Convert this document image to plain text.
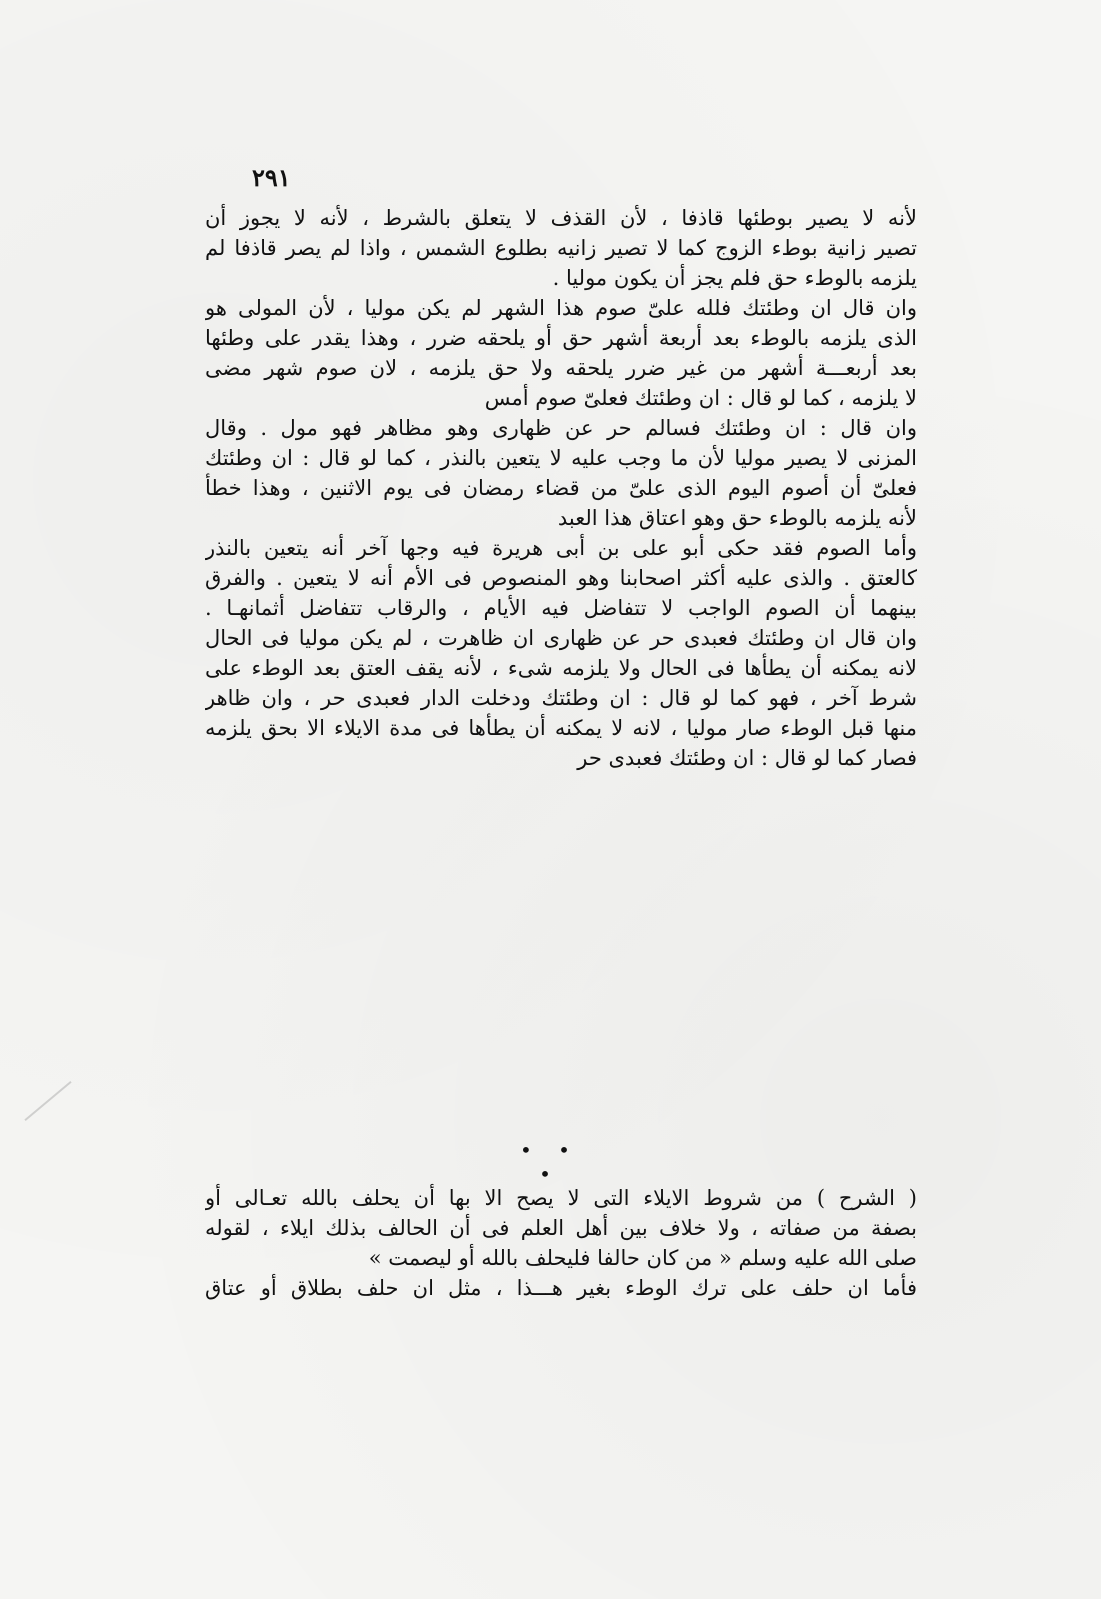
٢٩١
لأنه لا يصير بوطئها قاذفا ، لأن القذف لا يتعلق بالشرط ، لأنه لا يجوز أن
تصير زانية بوطء الزوج كما لا تصير زانيه بطلوع الشمس ، واذا لم يصر قاذفا لم
يلزمه بالوطء حق فلم يجز أن يكون موليا .
وان قال ان وطئتك فلله علىّ صوم هذا الشهر لم يكن موليا ، لأن المولى هو
الذى يلزمه بالوطء بعد أربعة أشهر حق أو يلحقه ضرر ، وهذا يقدر على وطئها
بعد أربعـــة أشهر من غير ضرر يلحقه ولا حق يلزمه ، لان صوم شهر مضى
لا يلزمه ، كما لو قال : ان وطئتك فعلىّ صوم أمس
وان قال : ان وطئتك فسالم حر عن ظهارى وهو مظاهر فهو مول . وقال
المزنى لا يصير موليا لأن ما وجب عليه لا يتعين بالنذر ، كما لو قال : ان وطئتك
فعلىّ أن أصوم اليوم الذى علىّ من قضاء رمضان فى يوم الاثنين ، وهذا خطأ
لأنه يلزمه بالوطء حق وهو اعتاق هذا العبد
وأما الصوم فقد حكى أبو على بن أبى هريرة فيه وجها آخر أنه يتعين بالنذر
كالعتق . والذى عليه أكثر اصحابنا وهو المنصوص فى الأم أنه لا يتعين . والفرق
بينهما أن الصوم الواجب لا تتفاضل فيه الأيام ، والرقاب تتفاضل أثمانهـا .
وان قال ان وطئتك فعبدى حر عن ظهارى ان ظاهرت ، لم يكن موليا فى الحال
لانه يمكنه أن يطأها فى الحال ولا يلزمه شىء ، لأنه يقف العتق بعد الوطء على
شرط آخر ، فهو كما لو قال : ان وطئتك ودخلت الدار فعبدى حر ، وان ظاهر
منها قبل الوطء صار موليا ، لانه لا يمكنه أن يطأها فى مدة الايلاء الا بحق يلزمه
فصار كما لو قال : ان وطئتك فعبدى حر
• • •
( الشرح ) من شروط الايلاء التى لا يصح الا بها أن يحلف بالله تعـالى أو
بصفة من صفاته ، ولا خلاف بين أهل العلم فى أن الحالف بذلك ايلاء ، لقوله
صلى الله عليه وسلم « من كان حالفا فليحلف بالله أو ليصمت »
فأما ان حلف على ترك الوطء بغير هـــذا ، مثل ان حلف بطلاق أو عتاق
